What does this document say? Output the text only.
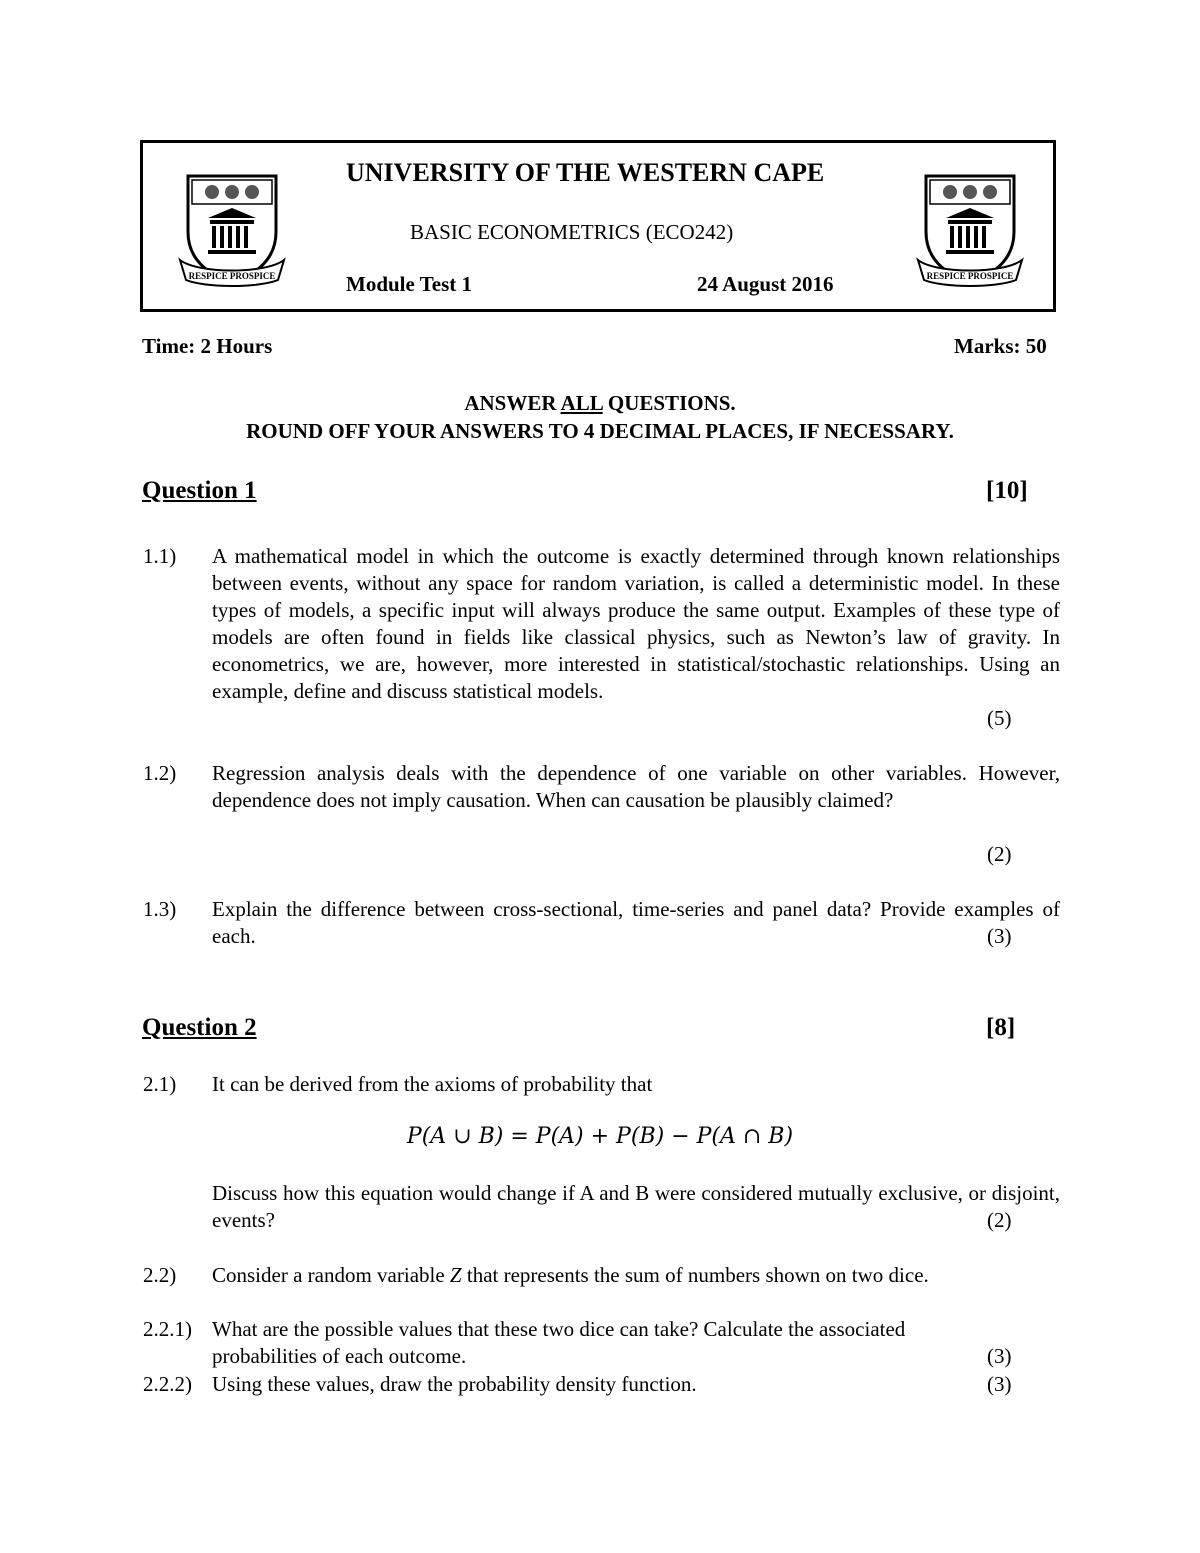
RESPICE PROSPICE	RESPICE PROSPICE
UNIVERSITY OF THE WESTERN CAPE
BASIC ECONOMETRICS (ECO242)
Module Test 1	24 August 2016
Time: 2 Hours	Marks: 50
ANSWER ALL QUESTIONS.
ROUND OFF YOUR ANSWERS TO 4 DECIMAL PLACES, IF NECESSARY.
Question 1	[10]
1.1) A mathematical model in which the outcome is exactly determined through known relationships between events, without any space for random variation, is called a deterministic model. In these types of models, a specific input will always produce the same output. Examples of these type of models are often found in fields like classical physics, such as Newton’s law of gravity. In econometrics, we are, however, more interested in statistical/stochastic relationships. Using an example, define and discuss statistical models.
(5)
1.2) Regression analysis deals with the dependence of one variable on other variables. However, dependence does not imply causation. When can causation be plausibly claimed?
(2)
1.3) Explain the difference between cross-sectional, time-series and panel data? Provide examples of each.	(3)
Question 2	[8]
2.1) It can be derived from the axioms of probability that
P(A ∪ B) = P(A) + P(B) − P(A ∩ B)
Discuss how this equation would change if A and B were considered mutually exclusive, or disjoint, events?	(2)
2.2) Consider a random variable Z that represents the sum of numbers shown on two dice.
2.2.1) What are the possible values that these two dice can take? Calculate the associated probabilities of each outcome.	(3)
2.2.2) Using these values, draw the probability density function.	(3)
